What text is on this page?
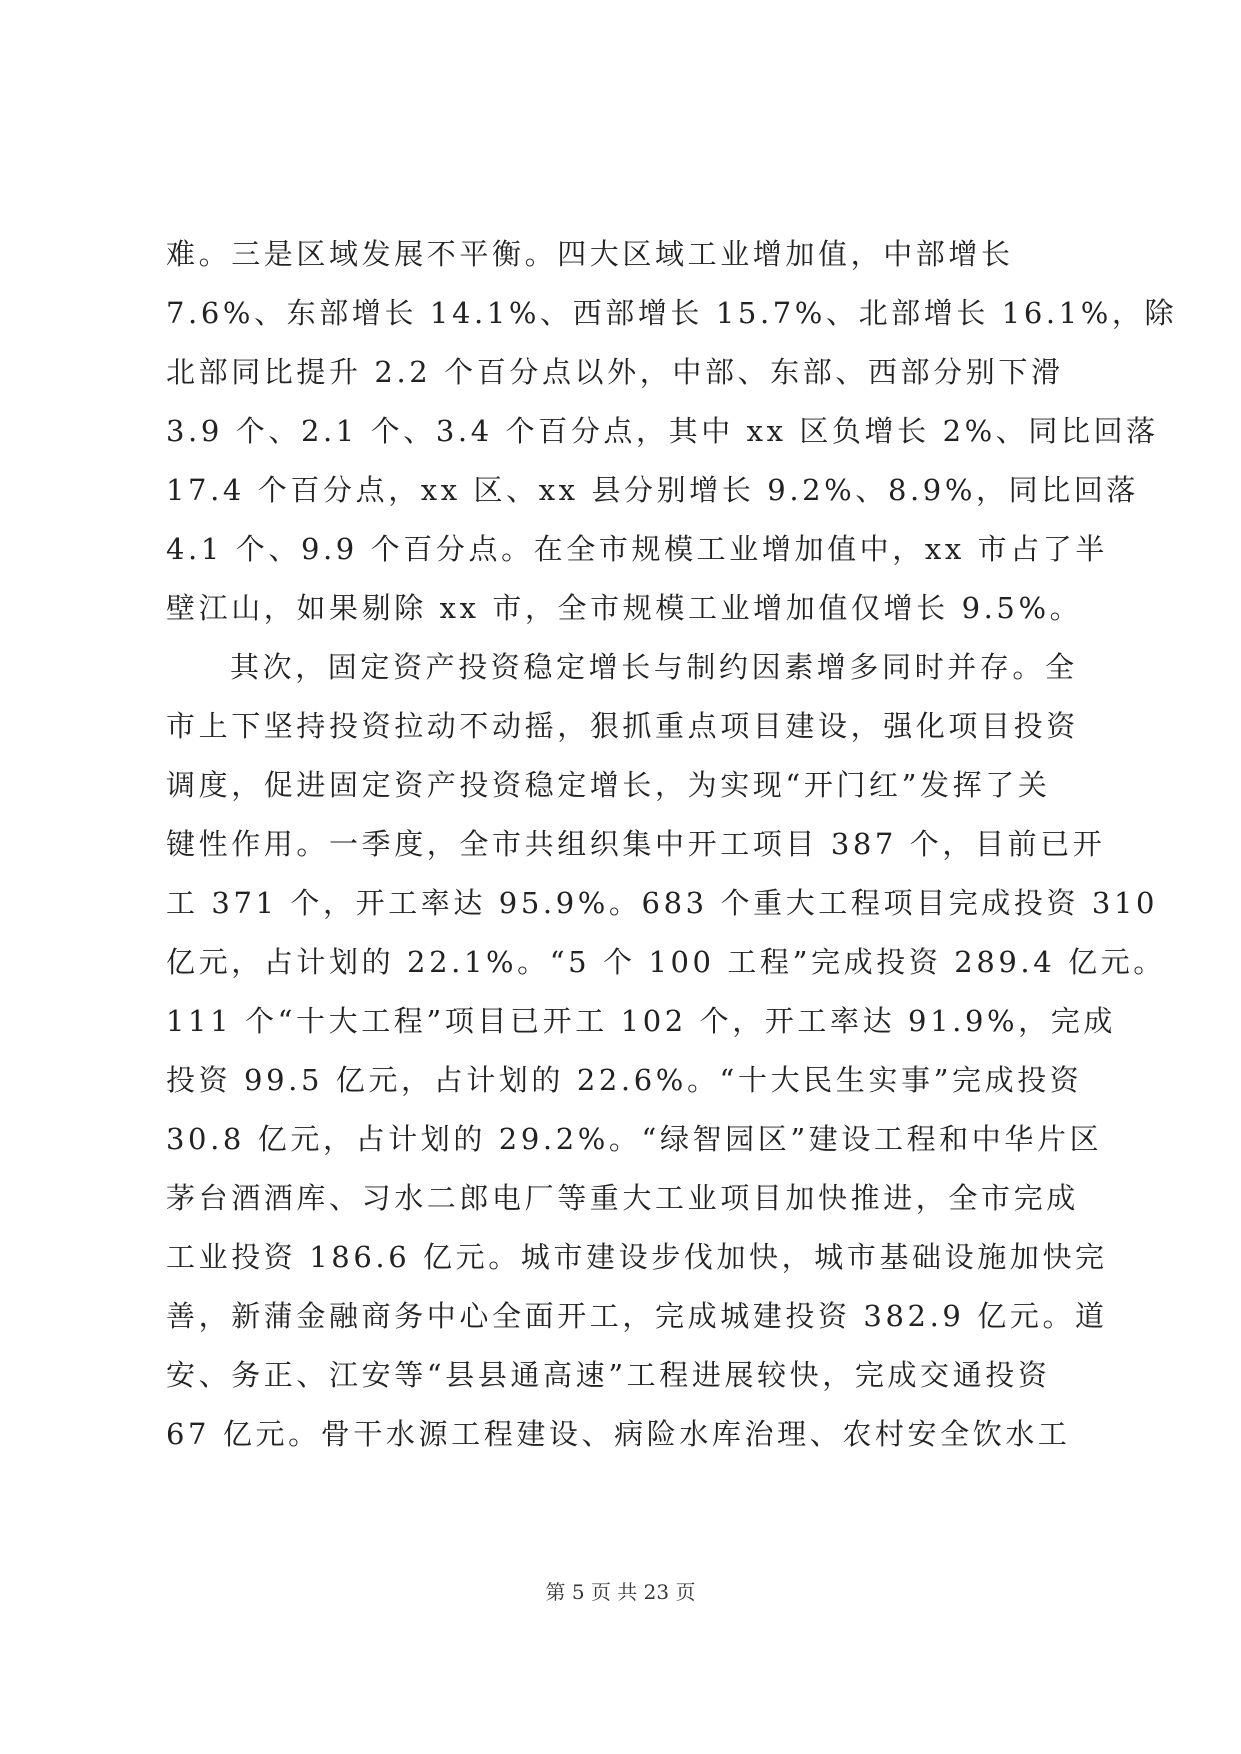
难。三是区域发展不平衡。四大区域工业增加值，中部增长
7.6%、东部增长 14.1%、西部增长 15.7%、北部增长 16.1%，除
北部同比提升 2.2 个百分点以外，中部、东部、西部分别下滑
3.9 个、2.1 个、3.4 个百分点，其中 xx 区负增长 2%、同比回落
17.4 个百分点，xx 区、xx 县分别增长 9.2%、8.9%，同比回落
4.1 个、9.9 个百分点。在全市规模工业增加值中，xx 市占了半
壁江山，如果剔除 xx 市，全市规模工业增加值仅增长 9.5%。
其次，固定资产投资稳定增长与制约因素增多同时并存。全
市上下坚持投资拉动不动摇，狠抓重点项目建设，强化项目投资
调度，促进固定资产投资稳定增长，为实现“开门红”发挥了关
键性作用。一季度，全市共组织集中开工项目 387 个，目前已开
工 371 个，开工率达 95.9%。683 个重大工程项目完成投资 310
亿元，占计划的 22.1%。“5 个 100 工程”完成投资 289.4 亿元。
111 个“十大工程”项目已开工 102 个，开工率达 91.9%，完成
投资 99.5 亿元，占计划的 22.6%。“十大民生实事”完成投资
30.8 亿元，占计划的 29.2%。“绿智园区”建设工程和中华片区
茅台酒酒库、习水二郎电厂等重大工业项目加快推进，全市完成
工业投资 186.6 亿元。城市建设步伐加快，城市基础设施加快完
善，新蒲金融商务中心全面开工，完成城建投资 382.9 亿元。道
安、务正、江安等“县县通高速”工程进展较快，完成交通投资
67 亿元。骨干水源工程建设、病险水库治理、农村安全饮水工
第 5 页 共 23 页
